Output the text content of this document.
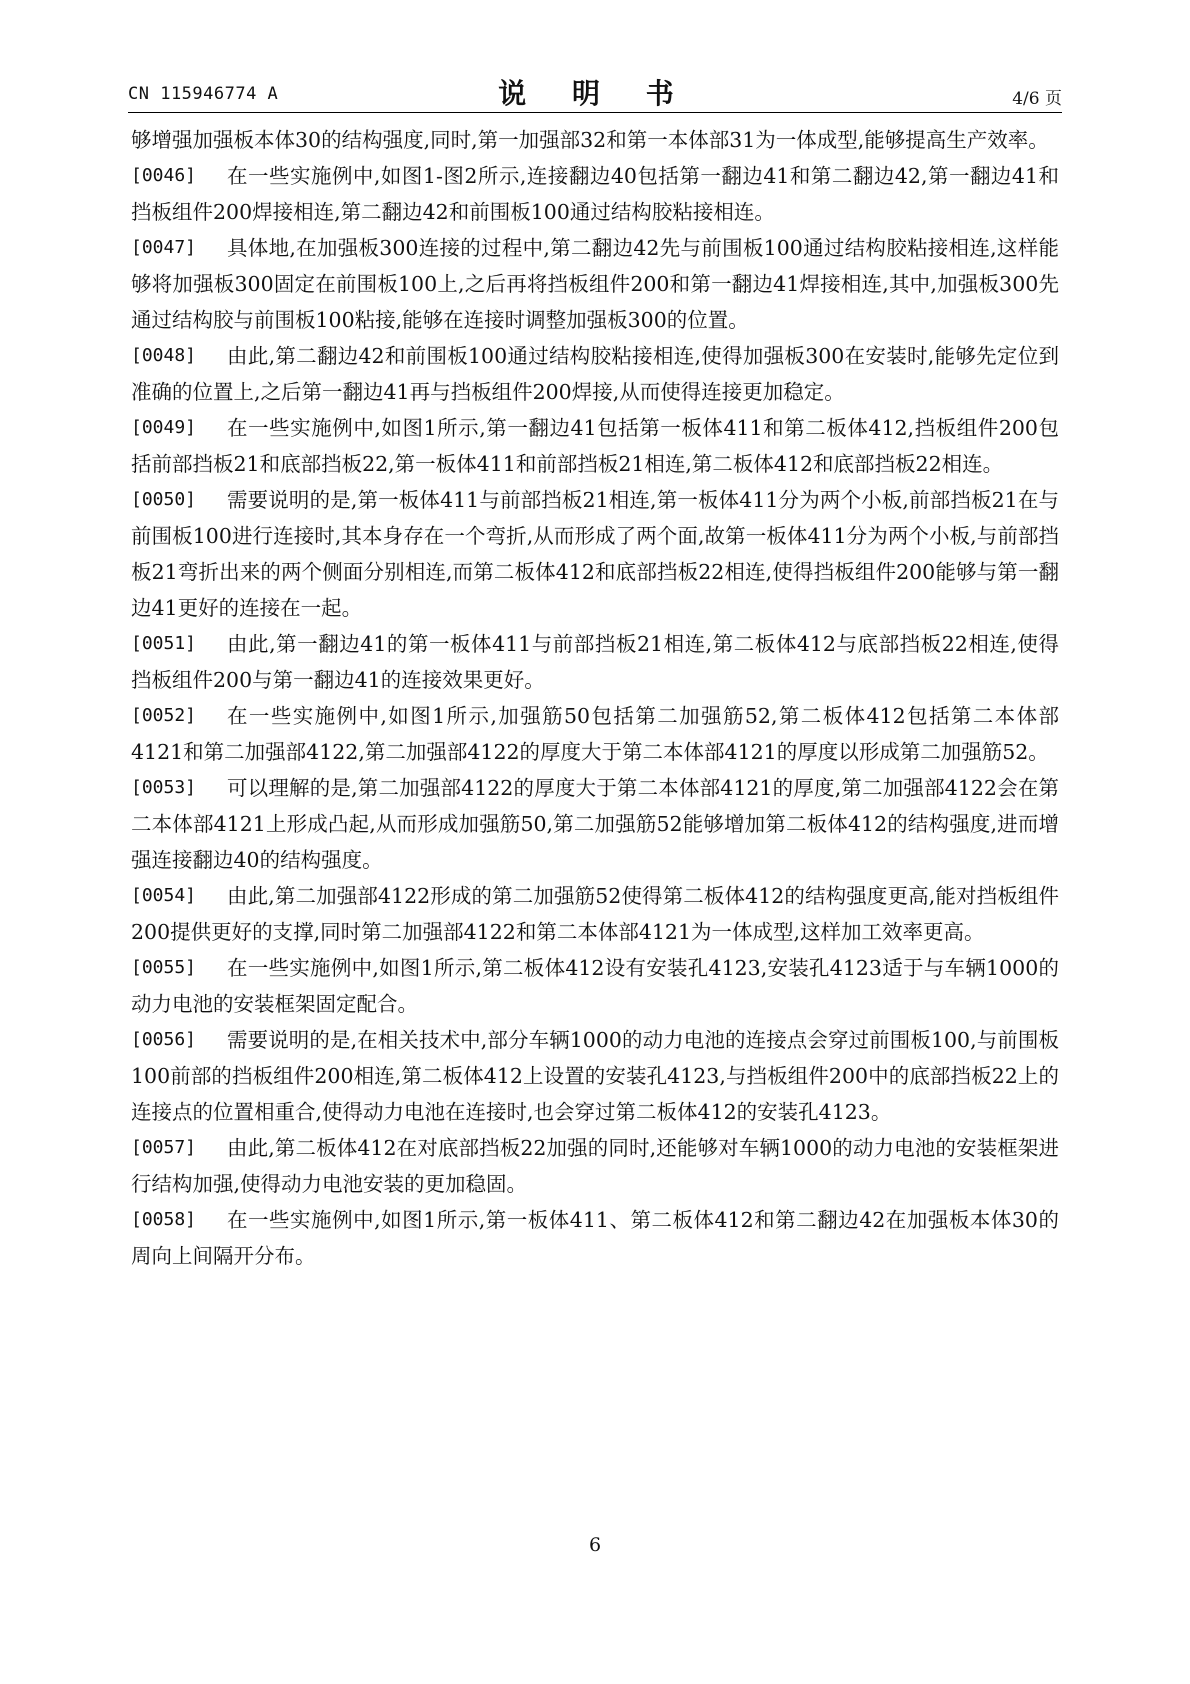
CN 115946774 A	说 明 书	4/6 页
够增强加强板本体30的结构强度,同时,第一加强部32和第一本体部31为一体成型,能够提高生产效率。
[0046] 在一些实施例中,如图1-图2所示,连接翻边40包括第一翻边41和第二翻边42,第一翻边41和挡板组件200焊接相连,第二翻边42和前围板100通过结构胶粘接相连。
[0047] 具体地,在加强板300连接的过程中,第二翻边42先与前围板100通过结构胶粘接相连,这样能够将加强板300固定在前围板100上,之后再将挡板组件200和第一翻边41焊接相连,其中,加强板300先通过结构胶与前围板100粘接,能够在连接时调整加强板300的位置。
[0048] 由此,第二翻边42和前围板100通过结构胶粘接相连,使得加强板300在安装时,能够先定位到准确的位置上,之后第一翻边41再与挡板组件200焊接,从而使得连接更加稳定。
[0049] 在一些实施例中,如图1所示,第一翻边41包括第一板体411和第二板体412,挡板组件200包括前部挡板21和底部挡板22,第一板体411和前部挡板21相连,第二板体412和底部挡板22相连。
[0050] 需要说明的是,第一板体411与前部挡板21相连,第一板体411分为两个小板,前部挡板21在与前围板100进行连接时,其本身存在一个弯折,从而形成了两个面,故第一板体411分为两个小板,与前部挡板21弯折出来的两个侧面分别相连,而第二板体412和底部挡板22相连,使得挡板组件200能够与第一翻边41更好的连接在一起。
[0051] 由此,第一翻边41的第一板体411与前部挡板21相连,第二板体412与底部挡板22相连,使得挡板组件200与第一翻边41的连接效果更好。
[0052] 在一些实施例中,如图1所示,加强筋50包括第二加强筋52,第二板体412包括第二本体部4121和第二加强部4122,第二加强部4122的厚度大于第二本体部4121的厚度以形成第二加强筋52。
[0053] 可以理解的是,第二加强部4122的厚度大于第二本体部4121的厚度,第二加强部4122会在第二本体部4121上形成凸起,从而形成加强筋50,第二加强筋52能够增加第二板体412的结构强度,进而增强连接翻边40的结构强度。
[0054] 由此,第二加强部4122形成的第二加强筋52使得第二板体412的结构强度更高,能对挡板组件200提供更好的支撑,同时第二加强部4122和第二本体部4121为一体成型,这样加工效率更高。
[0055] 在一些实施例中,如图1所示,第二板体412设有安装孔4123,安装孔4123适于与车辆1000的动力电池的安装框架固定配合。
[0056] 需要说明的是,在相关技术中,部分车辆1000的动力电池的连接点会穿过前围板100,与前围板100前部的挡板组件200相连,第二板体412上设置的安装孔4123,与挡板组件200中的底部挡板22上的连接点的位置相重合,使得动力电池在连接时,也会穿过第二板体412的安装孔4123。
[0057] 由此,第二板体412在对底部挡板22加强的同时,还能够对车辆1000的动力电池的安装框架进行结构加强,使得动力电池安装的更加稳固。
[0058] 在一些实施例中,如图1所示,第一板体411、第二板体412和第二翻边42在加强板本体30的周向上间隔开分布。
6
